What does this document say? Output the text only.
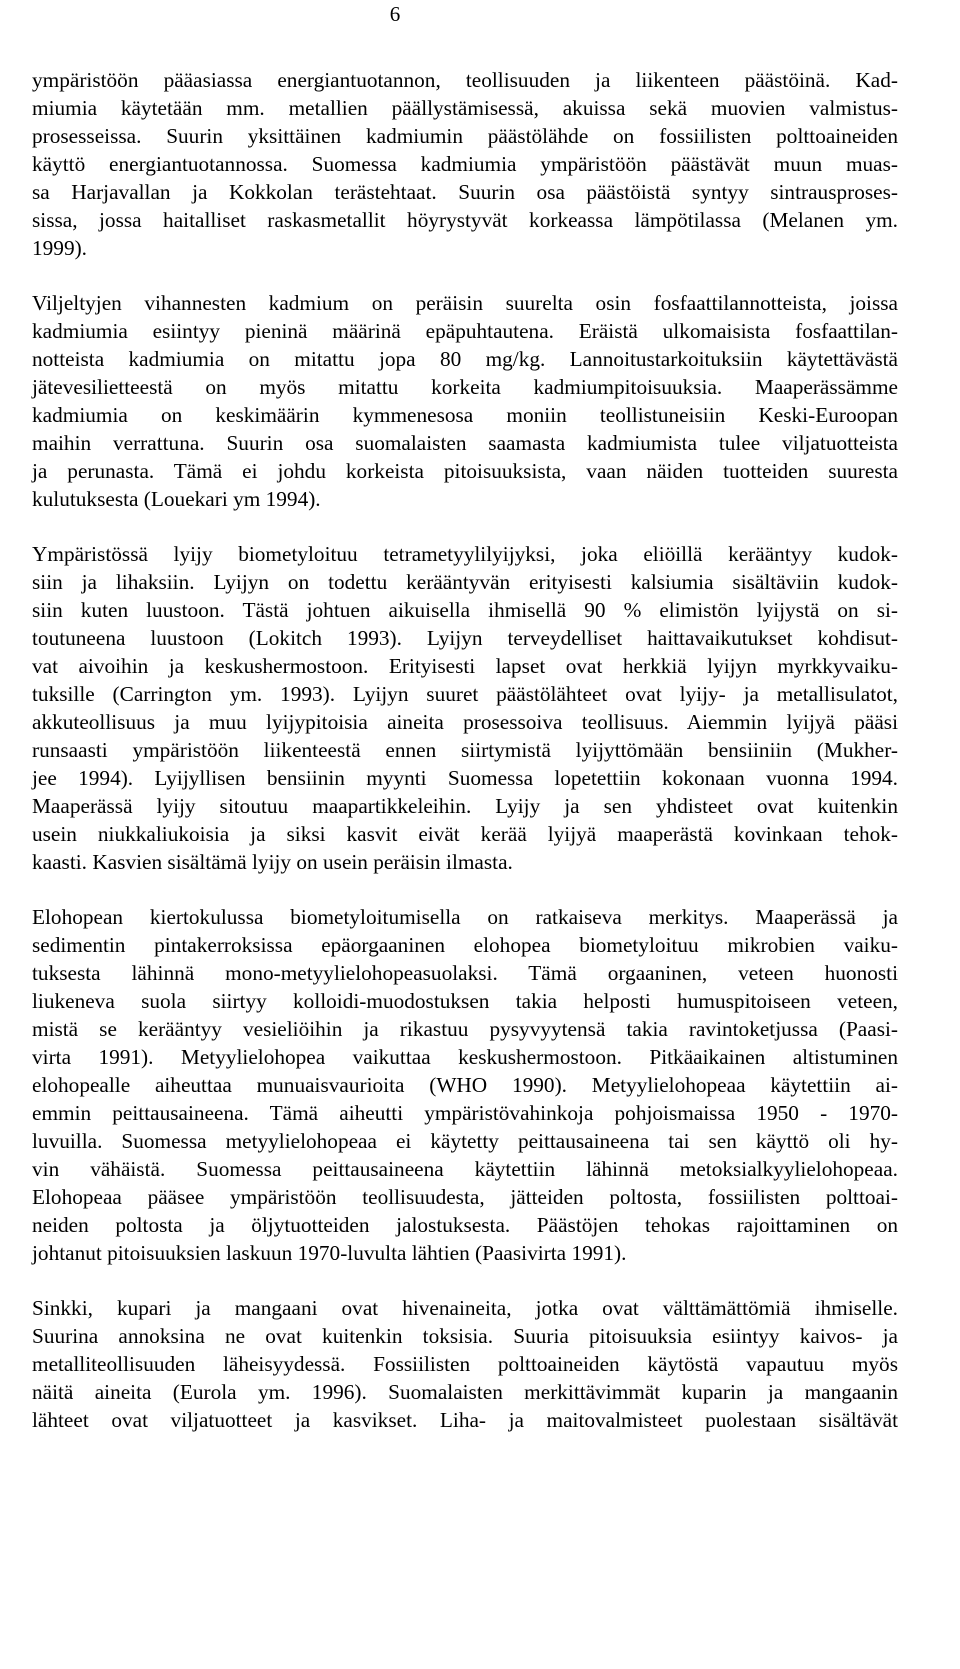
6
ympäristöön pääasiassa energiantuotannon, teollisuuden ja liikenteen päästöinä. Kad-
miumia käytetään mm. metallien päällystämisessä, akuissa sekä muovien valmistus-
prosesseissa. Suurin yksittäinen kadmiumin päästölähde on fossiilisten polttoaineiden
käyttö energiantuotannossa. Suomessa kadmiumia ympäristöön päästävät muun muas-
sa Harjavallan ja Kokkolan terästehtaat. Suurin osa päästöistä syntyy sintrausproses-
sissa, jossa haitalliset raskasmetallit höyrystyvät korkeassa lämpötilassa (Melanen ym.
1999).
Viljeltyjen vihannesten kadmium on peräisin suurelta osin fosfaattilannotteista, joissa
kadmiumia esiintyy pieninä määrinä epäpuhtautena. Eräistä ulkomaisista fosfaattilan-
notteista kadmiumia on mitattu jopa 80 mg/kg. Lannoitustarkoituksiin käytettävästä
jätevesilietteestä on myös mitattu korkeita kadmiumpitoisuuksia. Maaperässämme
kadmiumia on keskimäärin kymmenesosa moniin teollistuneisiin Keski-Euroopan
maihin verrattuna. Suurin osa suomalaisten saamasta kadmiumista tulee viljatuotteista
ja perunasta. Tämä ei johdu korkeista pitoisuuksista, vaan näiden tuotteiden suuresta
kulutuksesta (Louekari ym 1994).
Ympäristössä lyijy biometyloituu tetrametyylilyijyksi, joka eliöillä kerääntyy kudok-
siin ja lihaksiin. Lyijyn on todettu kerääntyvän erityisesti kalsiumia sisältäviin kudok-
siin kuten luustoon. Tästä johtuen aikuisella ihmisellä 90 % elimistön lyijystä on si-
toutuneena luustoon (Lokitch 1993). Lyijyn terveydelliset haittavaikutukset kohdisut-
vat aivoihin ja keskushermostoon. Erityisesti lapset ovat herkkiä lyijyn myrkkyvaiku-
tuksille (Carrington ym. 1993). Lyijyn suuret päästölähteet ovat lyijy- ja metallisulatot,
akkuteollisuus ja muu lyijypitoisia aineita prosessoiva teollisuus. Aiemmin lyijyä pääsi
runsaasti ympäristöön liikenteestä ennen siirtymistä lyijyttömään bensiiniin (Mukher-
jee 1994). Lyijyllisen bensiinin myynti Suomessa lopetettiin kokonaan vuonna 1994.
Maaperässä lyijy sitoutuu maapartikkeleihin. Lyijy ja sen yhdisteet ovat kuitenkin
usein niukkaliukoisia ja siksi kasvit eivät kerää lyijyä maaperästä kovinkaan tehok-
kaasti. Kasvien sisältämä lyijy on usein peräisin ilmasta.
Elohopean kiertokulussa biometyloitumisella on ratkaiseva merkitys. Maaperässä ja
sedimentin pintakerroksissa epäorgaaninen elohopea biometyloituu mikrobien vaiku-
tuksesta lähinnä mono-metyylielohopeasuolaksi. Tämä orgaaninen, veteen huonosti
liukeneva suola siirtyy kolloidi-muodostuksen takia helposti humuspitoiseen veteen,
mistä se kerääntyy vesieliöihin ja rikastuu pysyvyytensä takia ravintoketjussa (Paasi-
virta 1991). Metyylielohopea vaikuttaa keskushermostoon. Pitkäaikainen altistuminen
elohopealle aiheuttaa munuaisvaurioita (WHO 1990). Metyylielohopeaa käytettiin ai-
emmin peittausaineena. Tämä aiheutti ympäristövahinkoja pohjoismaissa 1950 - 1970-
luvuilla. Suomessa metyylielohopeaa ei käytetty peittausaineena tai sen käyttö oli hy-
vin vähäistä. Suomessa peittausaineena käytettiin lähinnä metoksialkyylielohopeaa.
Elohopeaa pääsee ympäristöön teollisuudesta, jätteiden poltosta, fossiilisten polttoai-
neiden poltosta ja öljytuotteiden jalostuksesta. Päästöjen tehokas rajoittaminen on
johtanut pitoisuuksien laskuun 1970-luvulta lähtien (Paasivirta 1991).
Sinkki, kupari ja mangaani ovat hivenaineita, jotka ovat välttämättömiä ihmiselle.
Suurina annoksina ne ovat kuitenkin toksisia. Suuria pitoisuuksia esiintyy kaivos- ja
metalliteollisuuden läheisyydessä. Fossiilisten polttoaineiden käytöstä vapautuu myös
näitä aineita (Eurola ym. 1996). Suomalaisten merkittävimmät kuparin ja mangaanin
lähteet ovat viljatuotteet ja kasvikset. Liha- ja maitovalmisteet puolestaan sisältävät
